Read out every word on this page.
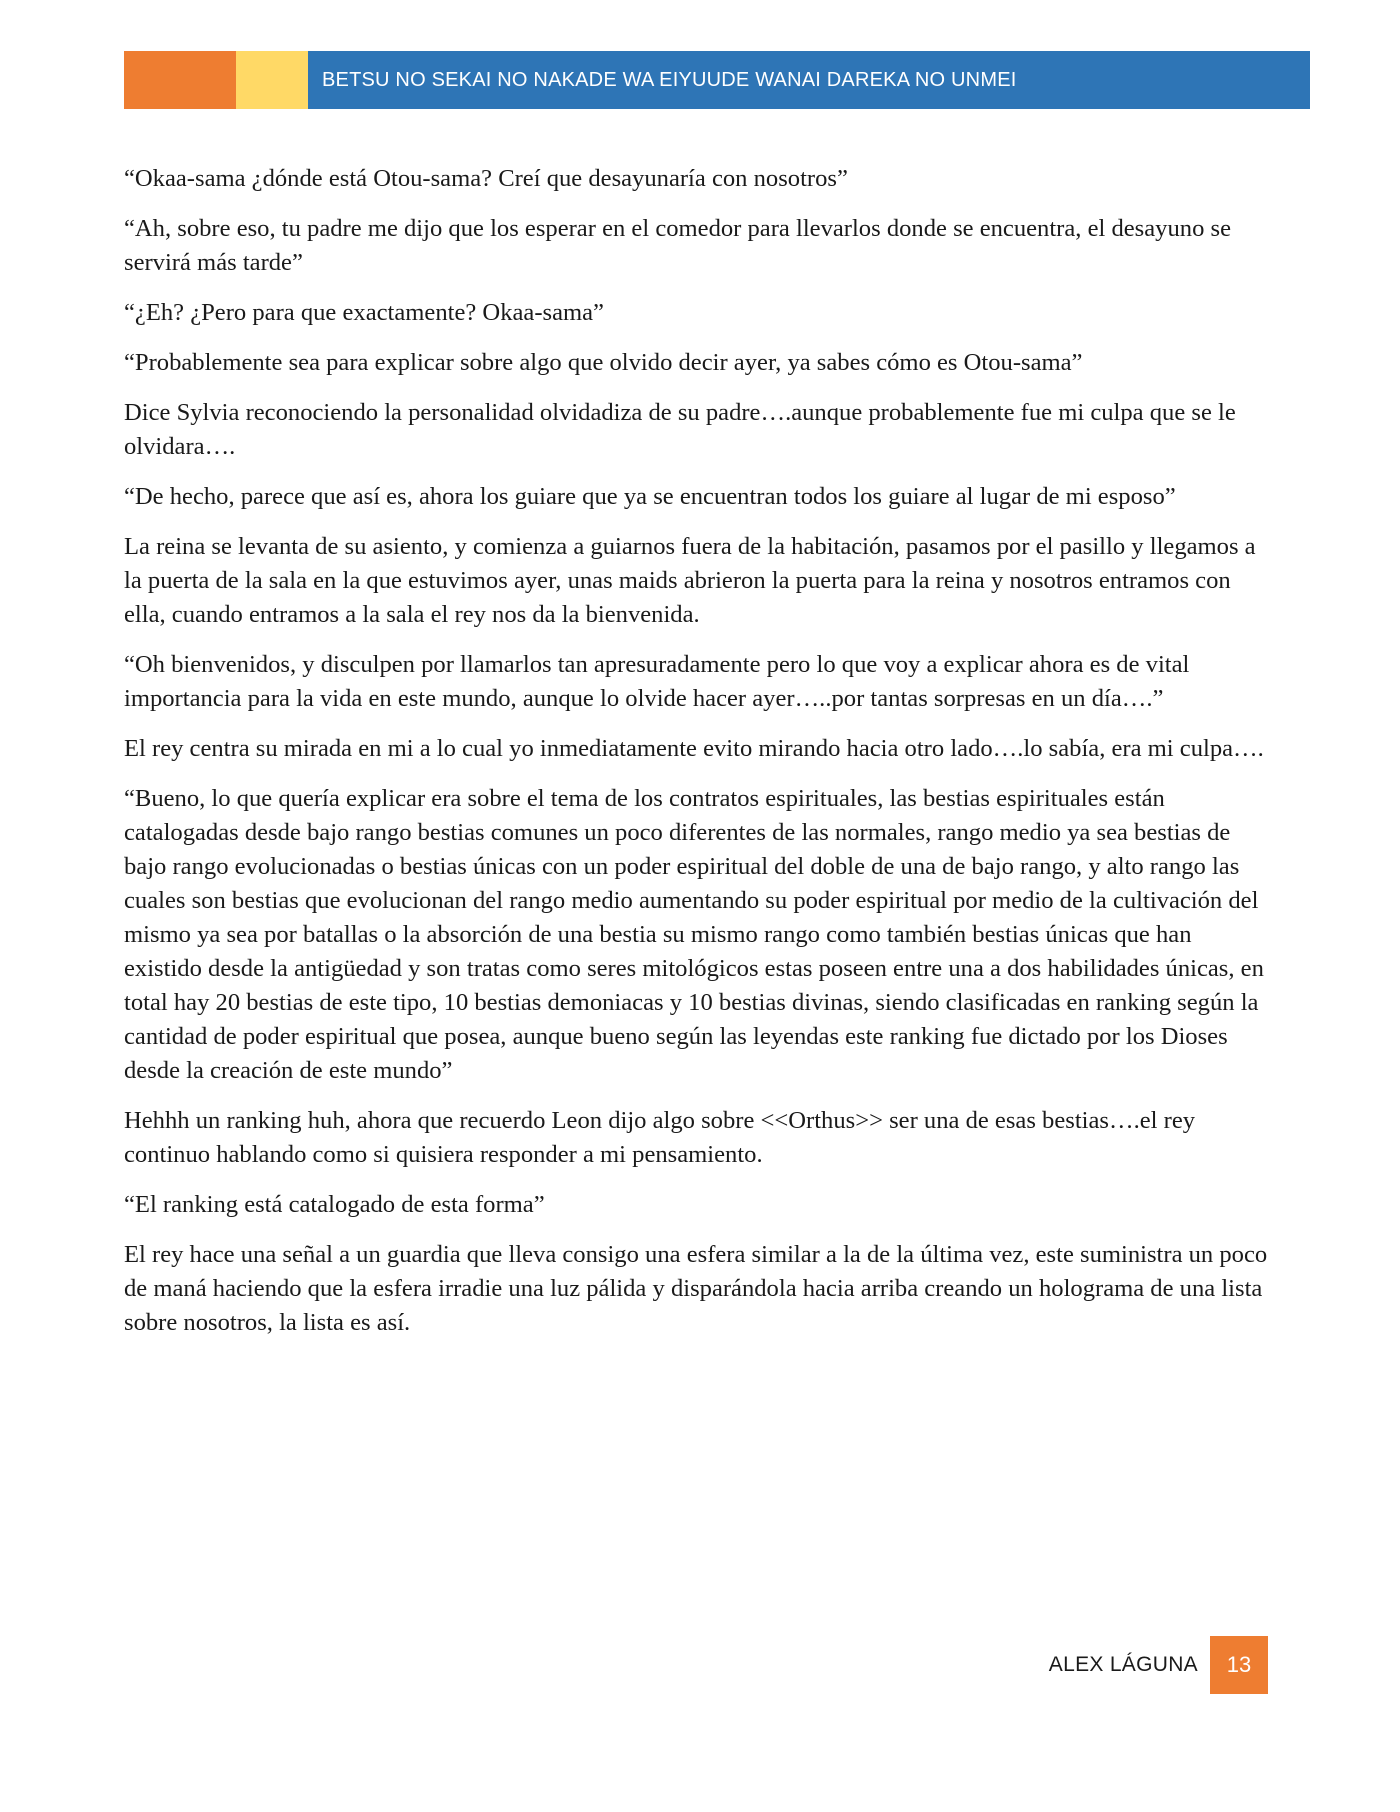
BETSU NO SEKAI NO NAKADE WA EIYUUDE WANAI DAREKA NO UNMEI

“Okaa-sama ¿dónde está Otou-sama? Creí que desayunaría con nosotros”

“Ah, sobre eso, tu padre me dijo que los esperar en el comedor para llevarlos donde se encuentra, el desayuno se servirá más tarde”

“¿Eh? ¿Pero para que exactamente? Okaa-sama”

“Probablemente sea para explicar sobre algo que olvido decir ayer, ya sabes cómo es Otou-sama”

Dice Sylvia reconociendo la personalidad olvidadiza de su padre….aunque probablemente fue mi culpa que se le olvidara….

“De hecho, parece que así es, ahora los guiare que ya se encuentran todos los guiare al lugar de mi esposo”

La reina se levanta de su asiento, y comienza a guiarnos fuera de la habitación, pasamos por el pasillo y llegamos a la puerta de la sala en la que estuvimos ayer, unas maids abrieron la puerta para la reina y nosotros entramos con ella, cuando entramos a la sala el rey nos da la bienvenida.

“Oh bienvenidos, y disculpen por llamarlos tan apresuradamente pero lo que voy a explicar ahora es de vital importancia para la vida en este mundo, aunque lo olvide hacer ayer…..por tantas sorpresas en un día….”

El rey centra su mirada en mi a lo cual yo inmediatamente evito mirando hacia otro lado….lo sabía, era mi culpa….

“Bueno, lo que quería explicar era sobre el tema de los contratos espirituales, las bestias espirituales están catalogadas desde bajo rango bestias comunes un poco diferentes de las normales, rango medio ya sea bestias de bajo rango evolucionadas o bestias únicas con un poder espiritual del doble de una de bajo rango, y alto rango las cuales son bestias que evolucionan del rango medio aumentando su poder espiritual por medio de la cultivación del mismo ya sea por batallas o la absorción de una bestia su mismo rango como también bestias únicas que han existido desde la antigüedad y son tratas como seres mitológicos estas poseen entre una a dos habilidades únicas, en total hay 20 bestias de este tipo, 10 bestias demoniacas y 10 bestias divinas, siendo clasificadas en ranking según la cantidad de poder espiritual que posea, aunque bueno según las leyendas este ranking fue dictado por los Dioses desde la creación de este mundo”

Hehhh un ranking huh, ahora que recuerdo Leon dijo algo sobre <<Orthus>> ser una de esas bestias….el rey continuo hablando como si quisiera responder a mi pensamiento.

“El ranking está catalogado de esta forma”

El rey hace una señal a un guardia que lleva consigo una esfera similar a la de la última vez, este suministra un poco de maná haciendo que la esfera irradie una luz pálida y disparándola hacia arriba creando un holograma de una lista sobre nosotros, la lista es así.

ALEX LÁGUNA	13
